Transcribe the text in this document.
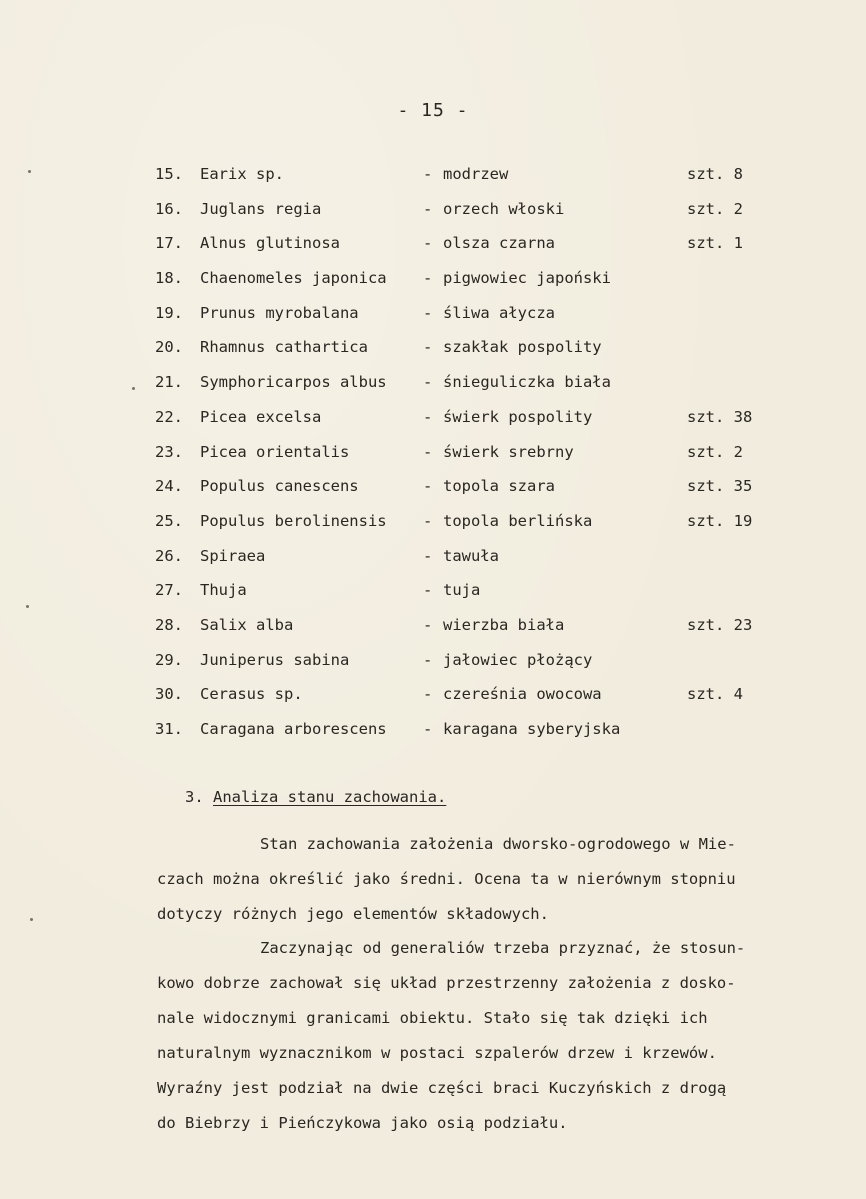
- 15 -
15.	Earix sp.	- modrzew	szt. 8
16.	Juglans regia	- orzech włoski	szt. 2
17.	Alnus glutinosa	- olsza czarna	szt. 1
18.	Chaenomeles japonica - pigwowiec japoński
19.	Prunus myrobalana	- śliwa ałycza
20.	Rhamnus cathartica	- szakłak pospolity
21.	Symphoricarpos albus - śnieguliczka biała
22.	Picea excelsa	- świerk pospolity	szt. 38
23.	Picea orientalis	- świerk srebrny	szt. 2
24.	Populus canescens	- topola szara	szt. 35
25.	Populus berolinensis - topola berlińska	szt. 19
26.	Spiraea	- tawuła
27.	Thuja	- tuja
28.	Salix alba	- wierzba biała	szt. 23
29.	Juniperus sabina	- jałowiec płożący
30.	Cerasus sp.	- czereśnia owocowa	szt. 4
31.	Caragana arborescens - karagana syberyjska
3. Analiza stanu zachowania.
Stan zachowania założenia dworsko-ogrodowego w Mie-
czach można określić jako średni. Ocena ta w nierównym stopniu
dotyczy różnych jego elementów składowych.
Zaczynając od generaliów trzeba przyznać, że stosun-
kowo dobrze zachował się układ przestrzenny założenia z dosko-
nale widocznymi granicami obiektu. Stało się tak dzięki ich
naturalnym wyznacznikom w postaci szpalerów drzew i krzewów.
Wyraźny jest podział na dwie części braci Kuczyńskich z drogą
do Biebrzy i Pieńczykowa jako osią podziału.
